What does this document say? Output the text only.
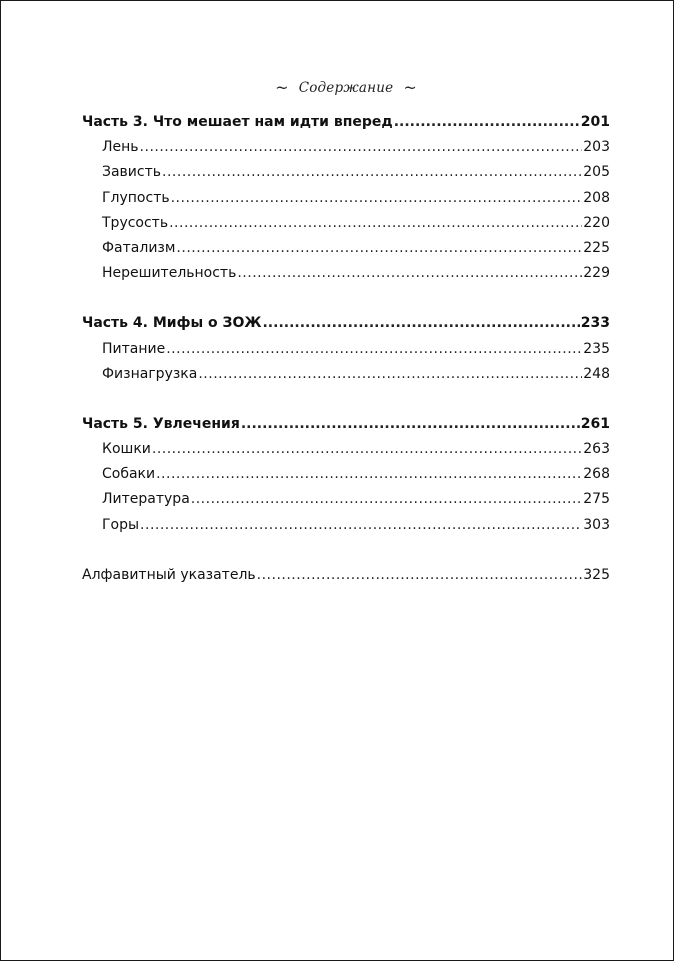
~ Содержание ~
Часть 3. Что мешает нам идти вперед .....	201
Лень .....	203
Зависть .....	205
Глупость .....	208
Трусость .....	220
Фатализм .....	225
Нерешительность .....	229
Часть 4. Мифы о ЗОЖ .....	233
Питание .....	235
Физнагрузка .....	248
Часть 5. Увлечения .....	261
Кошки .....	263
Собаки .....	268
Литература .....	275
Горы .....	303
Алфавитный указатель .....	325
